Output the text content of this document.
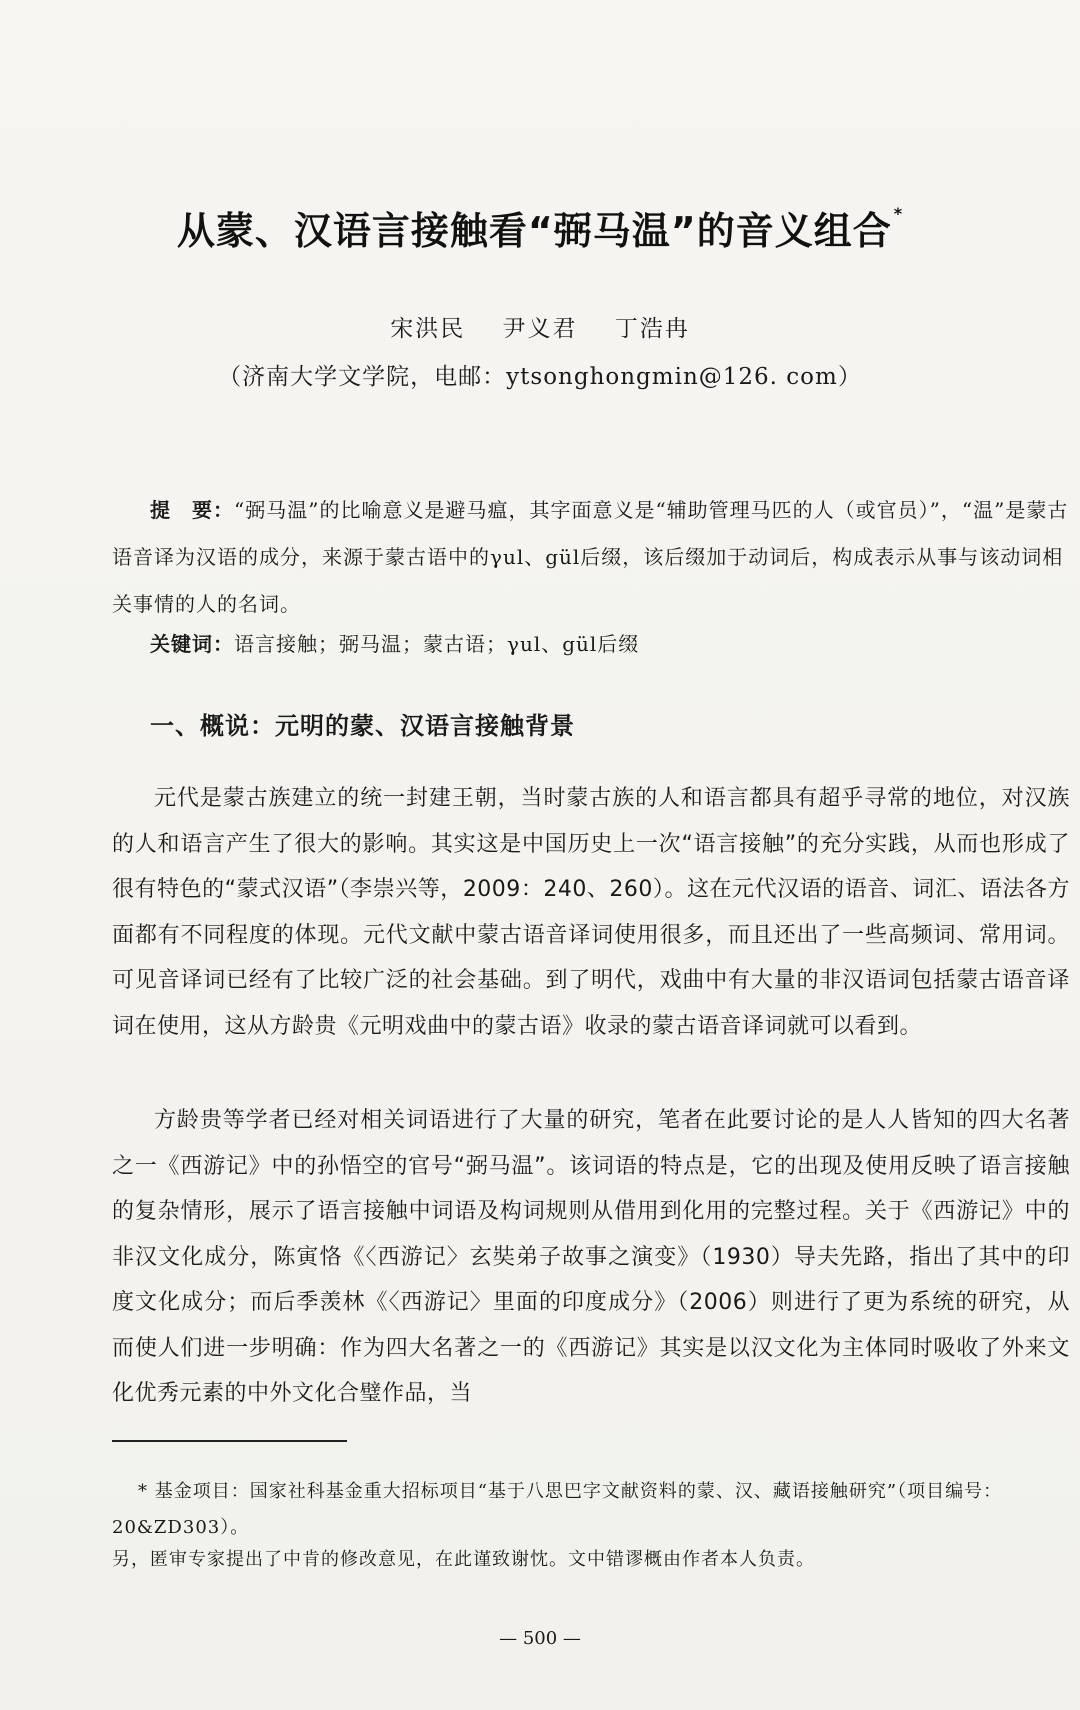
从蒙、汉语言接触看“弼马温”的音义组合 *
宋洪民 尹义君 丁浩冉
（济南大学文学院，电邮：ytsonghongmin@126. com）

提　要：“弼马温”的比喻意义是避马瘟，其字面意义是“辅助管理马匹的人（或官员）”，“温”是蒙古语音译为汉语的成分，来源于蒙古语中的γul、gül后缀，该后缀加于动词后，构成表示从事与该动词相关事情的人的名词。

关键词：语言接触；弼马温；蒙古语；γul、gül后缀

一、概说：元明的蒙、汉语言接触背景

元代是蒙古族建立的统一封建王朝，当时蒙古族的人和语言都具有超乎寻常的地位，对汉族的人和语言产生了很大的影响。其实这是中国历史上一次“语言接触”的充分实践，从而也形成了很有特色的“蒙式汉语”（李崇兴等，2009：240、260）。这在元代汉语的语音、词汇、语法各方面都有不同程度的体现。元代文献中蒙古语音译词使用很多，而且还出了一些高频词、常用词。可见音译词已经有了比较广泛的社会基础。到了明代，戏曲中有大量的非汉语词包括蒙古语音译词在使用，这从方龄贵《元明戏曲中的蒙古语》收录的蒙古语音译词就可以看到。

方龄贵等学者已经对相关词语进行了大量的研究，笔者在此要讨论的是人人皆知的四大名著之一《西游记》中的孙悟空的官号“弼马温”。该词语的特点是，它的出现及使用反映了语言接触的复杂情形，展示了语言接触中词语及构词规则从借用到化用的完整过程。关于《西游记》中的非汉文化成分，陈寅恪《〈西游记〉玄奘弟子故事之演变》（1930）导夫先路，指出了其中的印度文化成分；而后季羡林《〈西游记〉里面的印度成分》（2006）则进行了更为系统的研究，从而使人们进一步明确：作为四大名著之一的《西游记》其实是以汉文化为主体同时吸收了外来文化优秀元素的中外文化合璧作品，当

* 基金项目：国家社科基金重大招标项目“基于八思巴字文献资料的蒙、汉、藏语接触研究”（项目编号：20&ZD303）。

另，匿审专家提出了中肯的修改意见，在此谨致谢忱。文中错谬概由作者本人负责。

— 500 —
